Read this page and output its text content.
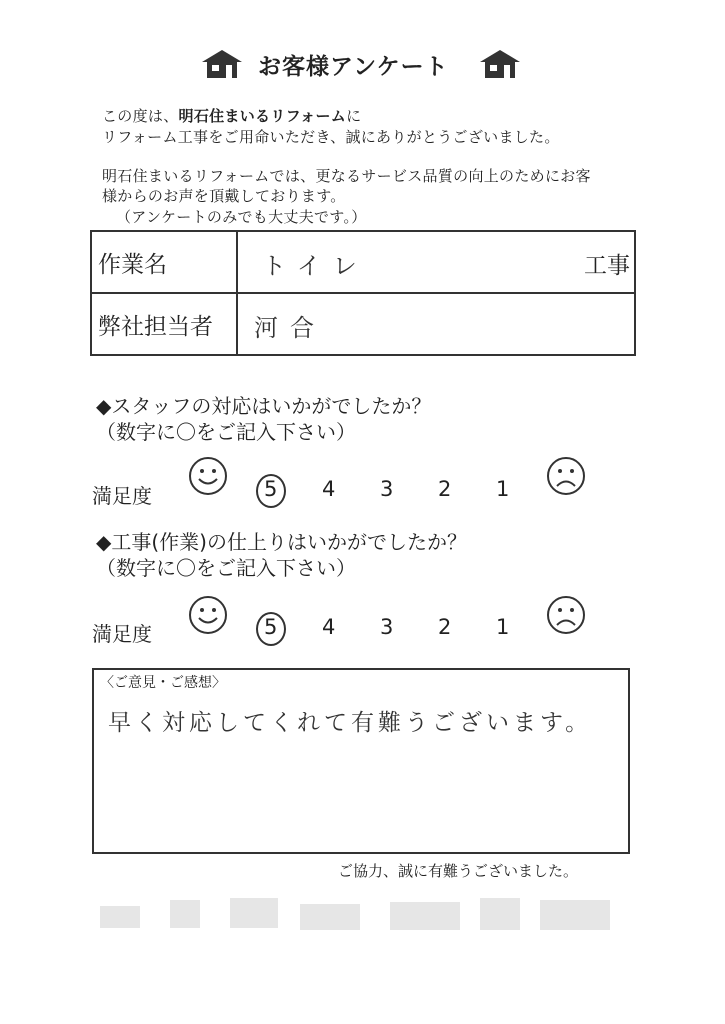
お客様アンケート
この度は、明石住まいるリフォームに
リフォーム工事をご用命いただき、誠にありがとうございました。
明石住まいるリフォームでは、更なるサービス品質の向上のためにお客
様からのお声を頂戴しております。
（アンケートのみでも大丈夫です。）
作業名	トイレ 工事

弊社担当者	河合
◆スタッフの対応はいかがでしたか？
（数字に〇をご記入下さい）
満足度	5 4 3 2 1
◆工事(作業)の仕上りはいかがでしたか？
（数字に〇をご記入下さい）
満足度	5 4 3 2 1
〈ご意見・ご感想〉
早く対応してくれて有難うございます。
ご協力、誠に有難うございました。
